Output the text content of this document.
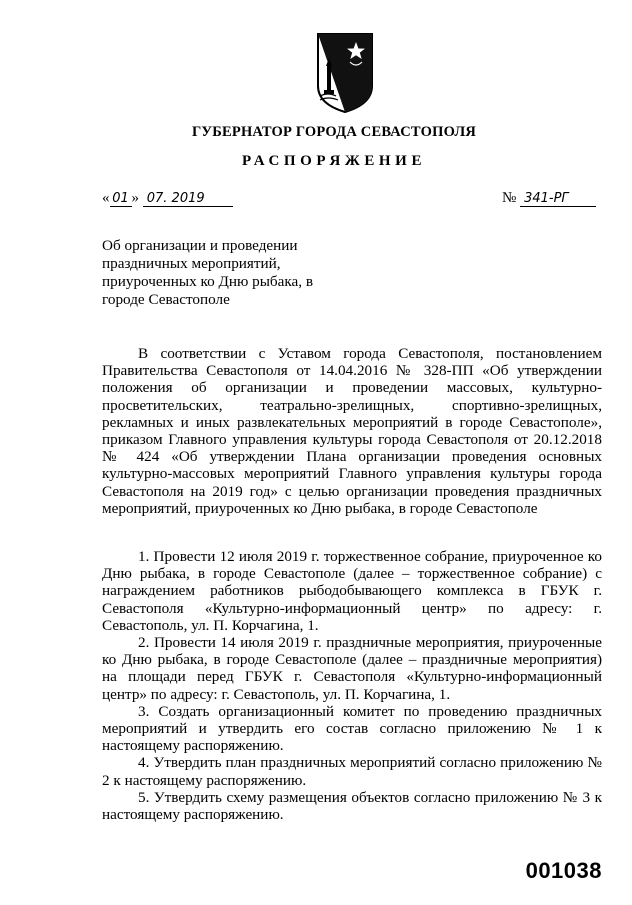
ГУБЕРНАТОР ГОРОДА СЕВАСТОПОЛЯ
РАСПОРЯЖЕНИЕ
« 01 » 07. 2019	№ 341-РГ
Об организации и проведении праздничных мероприятий, приуроченных ко Дню рыбака, в городе Севастополе

В соответствии с Уставом города Севастополя, постановлением Правительства Севастополя от 14.04.2016 № 328-ПП «Об утверждении положения об организации и проведении массовых, культурно-просветительских, театрально-зрелищных, спортивно-зрелищных, рекламных и иных развлекательных мероприятий в городе Севастополе», приказом Главного управления культуры города Севастополя от 20.12.2018 № 424 «Об утверждении Плана организации проведения основных культурно-массовых мероприятий Главного управления культуры города Севастополя на 2019 год» с целью организации проведения праздничных мероприятий, приуроченных ко Дню рыбака, в городе Севастополе

1. Провести 12 июля 2019 г. торжественное собрание, приуроченное ко Дню рыбака, в городе Севастополе (далее – торжественное собрание) с награждением работников рыбодобывающего комплекса в ГБУК г. Севастополя «Культурно-информационный центр» по адресу: г. Севастополь, ул. П. Корчагина, 1.

2. Провести 14 июля 2019 г. праздничные мероприятия, приуроченные ко Дню рыбака, в городе Севастополе (далее – праздничные мероприятия) на площади перед ГБУК г. Севастополя «Культурно-информационный центр» по адресу: г. Севастополь, ул. П. Корчагина, 1.

3. Создать организационный комитет по проведению праздничных мероприятий и утвердить его состав согласно приложению № 1 к настоящему распоряжению.

4. Утвердить план праздничных мероприятий согласно приложению № 2 к настоящему распоряжению.

5. Утвердить схему размещения объектов согласно приложению № 3 к настоящему распоряжению.

001038
